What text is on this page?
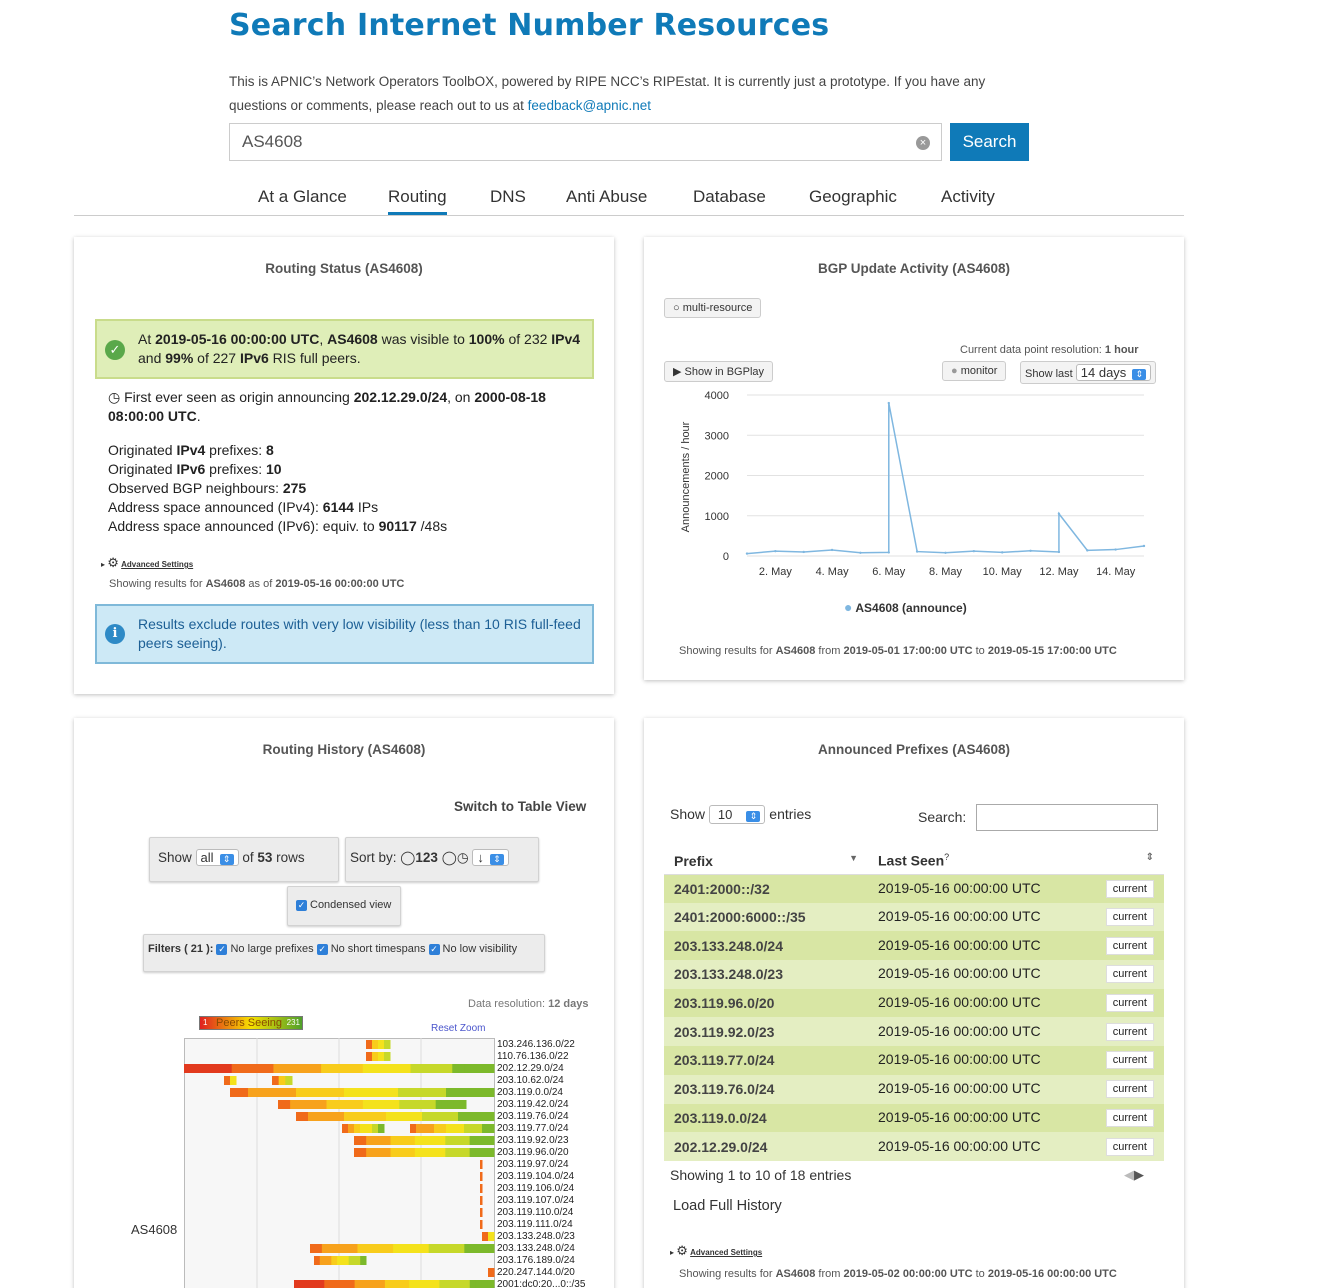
Search Internet Number Resources

This is APNIC’s Network Operators ToolbOX, powered by RIPE NCC’s RIPEstat. It is currently just a prototype. If you have any questions or comments, please reach out to us at feedback@apnic.net

AS4608
×	Search
At a Glance Routing	DNS Anti Abuse	Database	Geographic	Activity
Routing Status (AS4608)
✓
At 2019-05-16 00:00:00 UTC, AS4608 was visible to 100% of 232 IPv4 and 99% of 227 IPv6 RIS full peers.
◷ First ever seen as origin announcing 202.12.29.0/24, on 2000-08-18 08:00:00 UTC.
Originated IPv4 prefixes: 8
Originated IPv6 prefixes: 10
Observed BGP neighbours: 275
Address space announced (IPv4): 6144 IPs
Address space announced (IPv6): equiv. to 90117 /48s
▸ ⚙ Advanced Settings
Showing results for AS4608 as of 2019-05-16 00:00:00 UTC
i
Results exclude routes with very low visibility (less than 10 RIS full-feed peers seeing).
BGP Update Activity (AS4608)
○ multi-resource
Current data point resolution: 1 hour
▶ Show in BGPlay	● monitor	Show last 14 days ⇕
Announcements / hour
0
1000
2000
3000
4000
2. May 4. May 6. May 8. May 10. May 12. May 14. May
● AS4608 (announce)
Showing results for AS4608 from 2019-05-01 17:00:00 UTC to 2019-05-15 17:00:00 UTC
Routing History (AS4608)
Switch to Table View
Show all ⇕ of 53 rows	Sort by: ◯123 ◯◷ ↓ ⇕
✓ Condensed view
Filters ( 21 ): ✓ No large prefixes ✓ No short timespans ✓ No low visibility
Data resolution: 12 days
1 Peers Seeing 231
Reset Zoom
AS4608
103.246.136.0/22
110.76.136.0/22
202.12.29.0/24
203.10.62.0/24
203.119.0.0/24
203.119.42.0/24
203.119.76.0/24
203.119.77.0/24
203.119.92.0/23
203.119.96.0/20
203.119.97.0/24
203.119.104.0/24
203.119.106.0/24
203.119.107.0/24
203.119.110.0/24
203.119.111.0/24
203.133.248.0/23
203.133.248.0/24
203.176.189.0/24
220.247.144.0/20
2001:dc0:20...0::/35
Announced Prefixes (AS4608)
Show 10 ⇕ entries	Search:
Prefix ▼	Last Seen? ⇕

2401:2000::/32	2019-05-16 00:00:00 UTC current

2401:2000:6000::/35	2019-05-16 00:00:00 UTC current

203.133.248.0/24	2019-05-16 00:00:00 UTC current

203.133.248.0/23	2019-05-16 00:00:00 UTC current

203.119.96.0/20	2019-05-16 00:00:00 UTC current

203.119.92.0/23	2019-05-16 00:00:00 UTC current

203.119.77.0/24	2019-05-16 00:00:00 UTC current

203.119.76.0/24	2019-05-16 00:00:00 UTC current

203.119.0.0/24	2019-05-16 00:00:00 UTC current

202.12.29.0/24	2019-05-16 00:00:00 UTC current
Showing 1 to 10 of 18 entries	◀▶
Load Full History
▸ ⚙ Advanced Settings
Showing results for AS4608 from 2019-05-02 00:00:00 UTC to 2019-05-16 00:00:00 UTC
